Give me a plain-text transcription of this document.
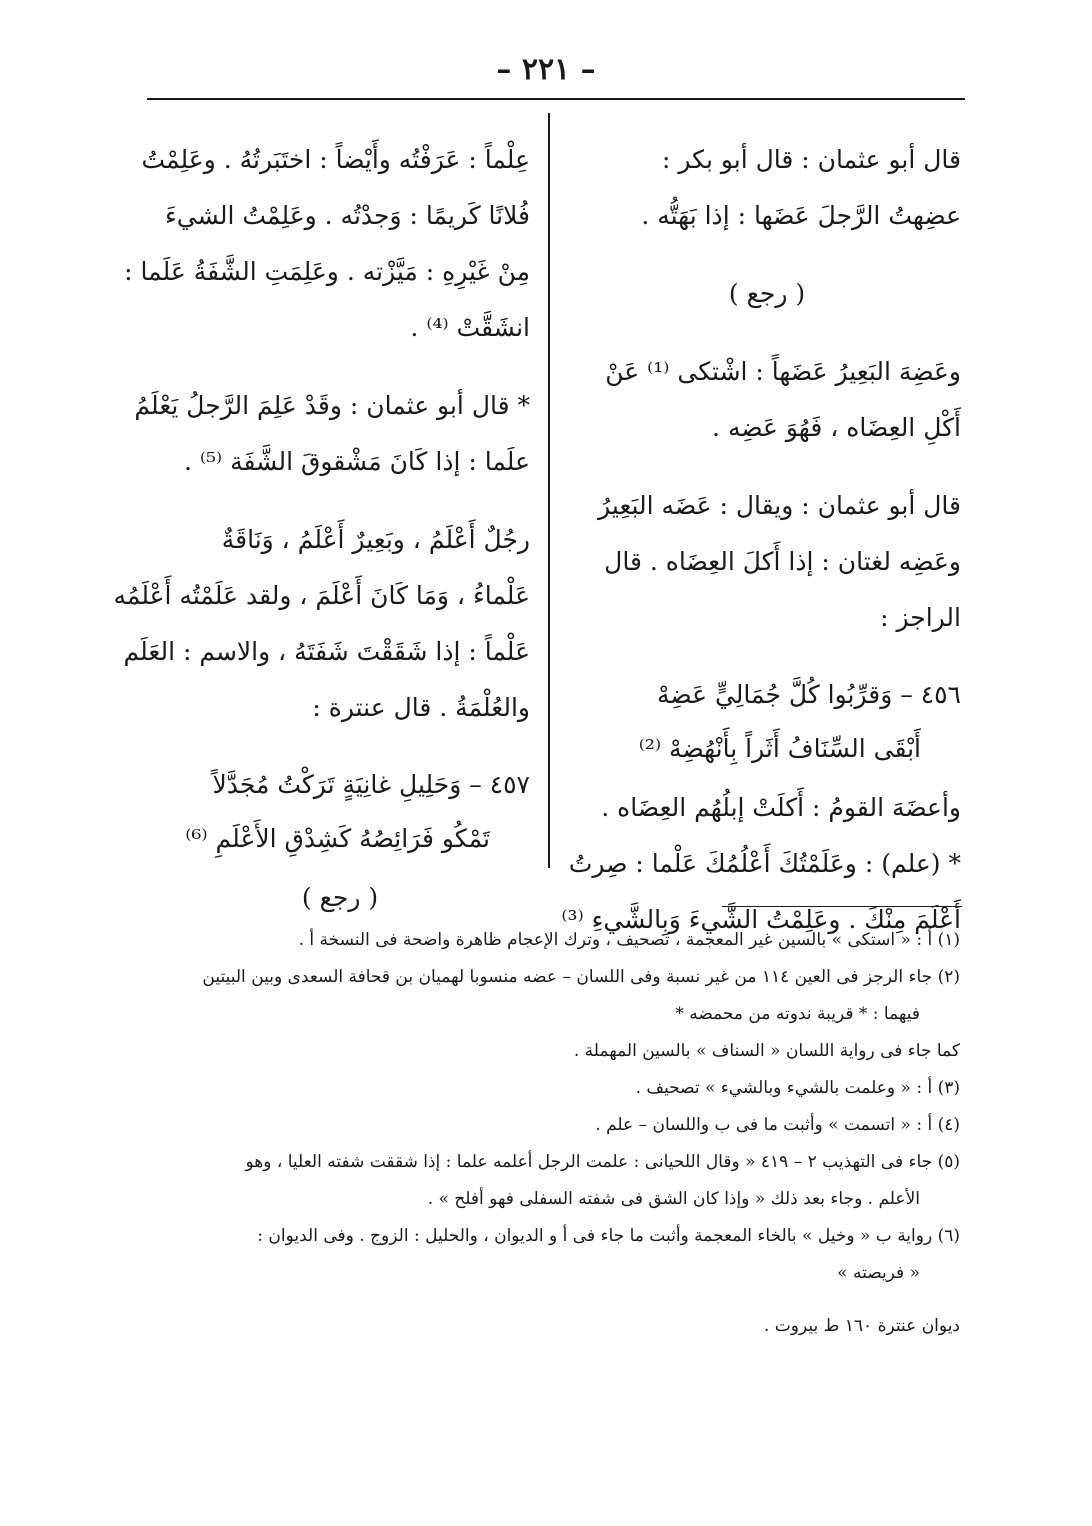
– ٢٢١ –
قال أبو عثمان : قال أبو بكر :
عضِهتُ الرَّجلَ عَضَها : إذا بَهَتُّه .
( رجع )
وعَضِهَ البَعِيرُ عَضَهاً : اشْتكى ⁽¹⁾ عَنْ
أَكْلِ العِضَاه ، فَهُوَ عَضِه .
قال أبو عثمان : ويقال : عَضَه البَعِيرُ
وعَضِه لغتان : إذا أَكلَ العِضَاه . قال
الراجز :
٤٥٦ – وَقرِّبُوا كُلَّ جُمَالِيٍّ عَضِهْ
أَبْقَى السِّنَافُ أَثَراً بِأَنْهُضِهْ ⁽²⁾
وأعضَهَ القومُ : أَكلَتْ إبلُهُم العِضَاه .
* (علم) : وعَلَمْتُكَ أَعْلُمُكَ عَلْما : صِرتُ
أَعْلَمَ مِنْكَ . وعَلِمْتُ الشَّيءَ وَبِالشَّيءِ ⁽³⁾
عِلْماً : عَرَفْتُه وأَيْضاً : اختَبَرتُهُ . وعَلِمْتُ
فُلانًا كَريمًا : وَجدْتُه . وعَلِمْتُ الشيءَ
مِنْ غَيْرِهِ : مَيَّزْته . وعَلِمَتِ الشَّفَةُ عَلَما :
انشَقَّتْ ⁽⁴⁾ .
* قال أبو عثمان : وقَدْ عَلِمَ الرَّجلُ يَعْلَمُ
علَما : إذا كَانَ مَشْقوقَ الشَّفَة ⁽⁵⁾ .
رجُلٌ أَعْلَمُ ، وبَعِيرٌ أَعْلَمُ ، وَنَاقَةٌ
عَلْماءُ ، وَمَا كَانَ أَعْلَمَ ، ولقد عَلَمْتُه أَعْلَمُه
عَلْماً : إذا شَقَقْتَ شَفَتَهُ ، والاسم : العَلَم
والعُلْمَةُ . قال عنترة :
٤٥٧ – وَحَلِيلِ غانِيَةٍ تَرَكْتُ مُجَدَّلاً
تَمْكُو فَرَائِصُهُ كَشِدْقِ الأَعْلَمِ ⁽⁶⁾
( رجع )
(١) أ : « استكى » بالسين غير المعجمة ، تصحيف ، وترك الإعجام ظاهرة واضحة فى النسخة أ .
(٢) جاء الرجز فى العين ١١٤ من غير نسبة وفى اللسان – عضه منسوبا لهميان بن قحافة السعدى وبين البيتين
فيهما : * قريبة ندوته من محمضه *
كما جاء فى رواية اللسان « السناف » بالسين المهملة .
(٣) أ : « وعلمت بالشيء وبالشيء » تصحيف .
(٤) أ : « اتسمت » وأثبت ما فى ب واللسان – علم .
(٥) جاء فى التهذيب ٢ – ٤١٩ « وقال اللحيانى : علمت الرجل أعلمه علما : إذا شققت شفته العليا ، وهو
الأعلم . وجاء بعد ذلك « وإذا كان الشق فى شفته السفلى فهو أفلح » .
(٦) رواية ب « وخيل » بالخاء المعجمة وأثبت ما جاء فى أ و الديوان ، والحليل : الزوج . وفى الديوان :
« فريصته »
ديوان عنترة ١٦٠ ط بيروت .
